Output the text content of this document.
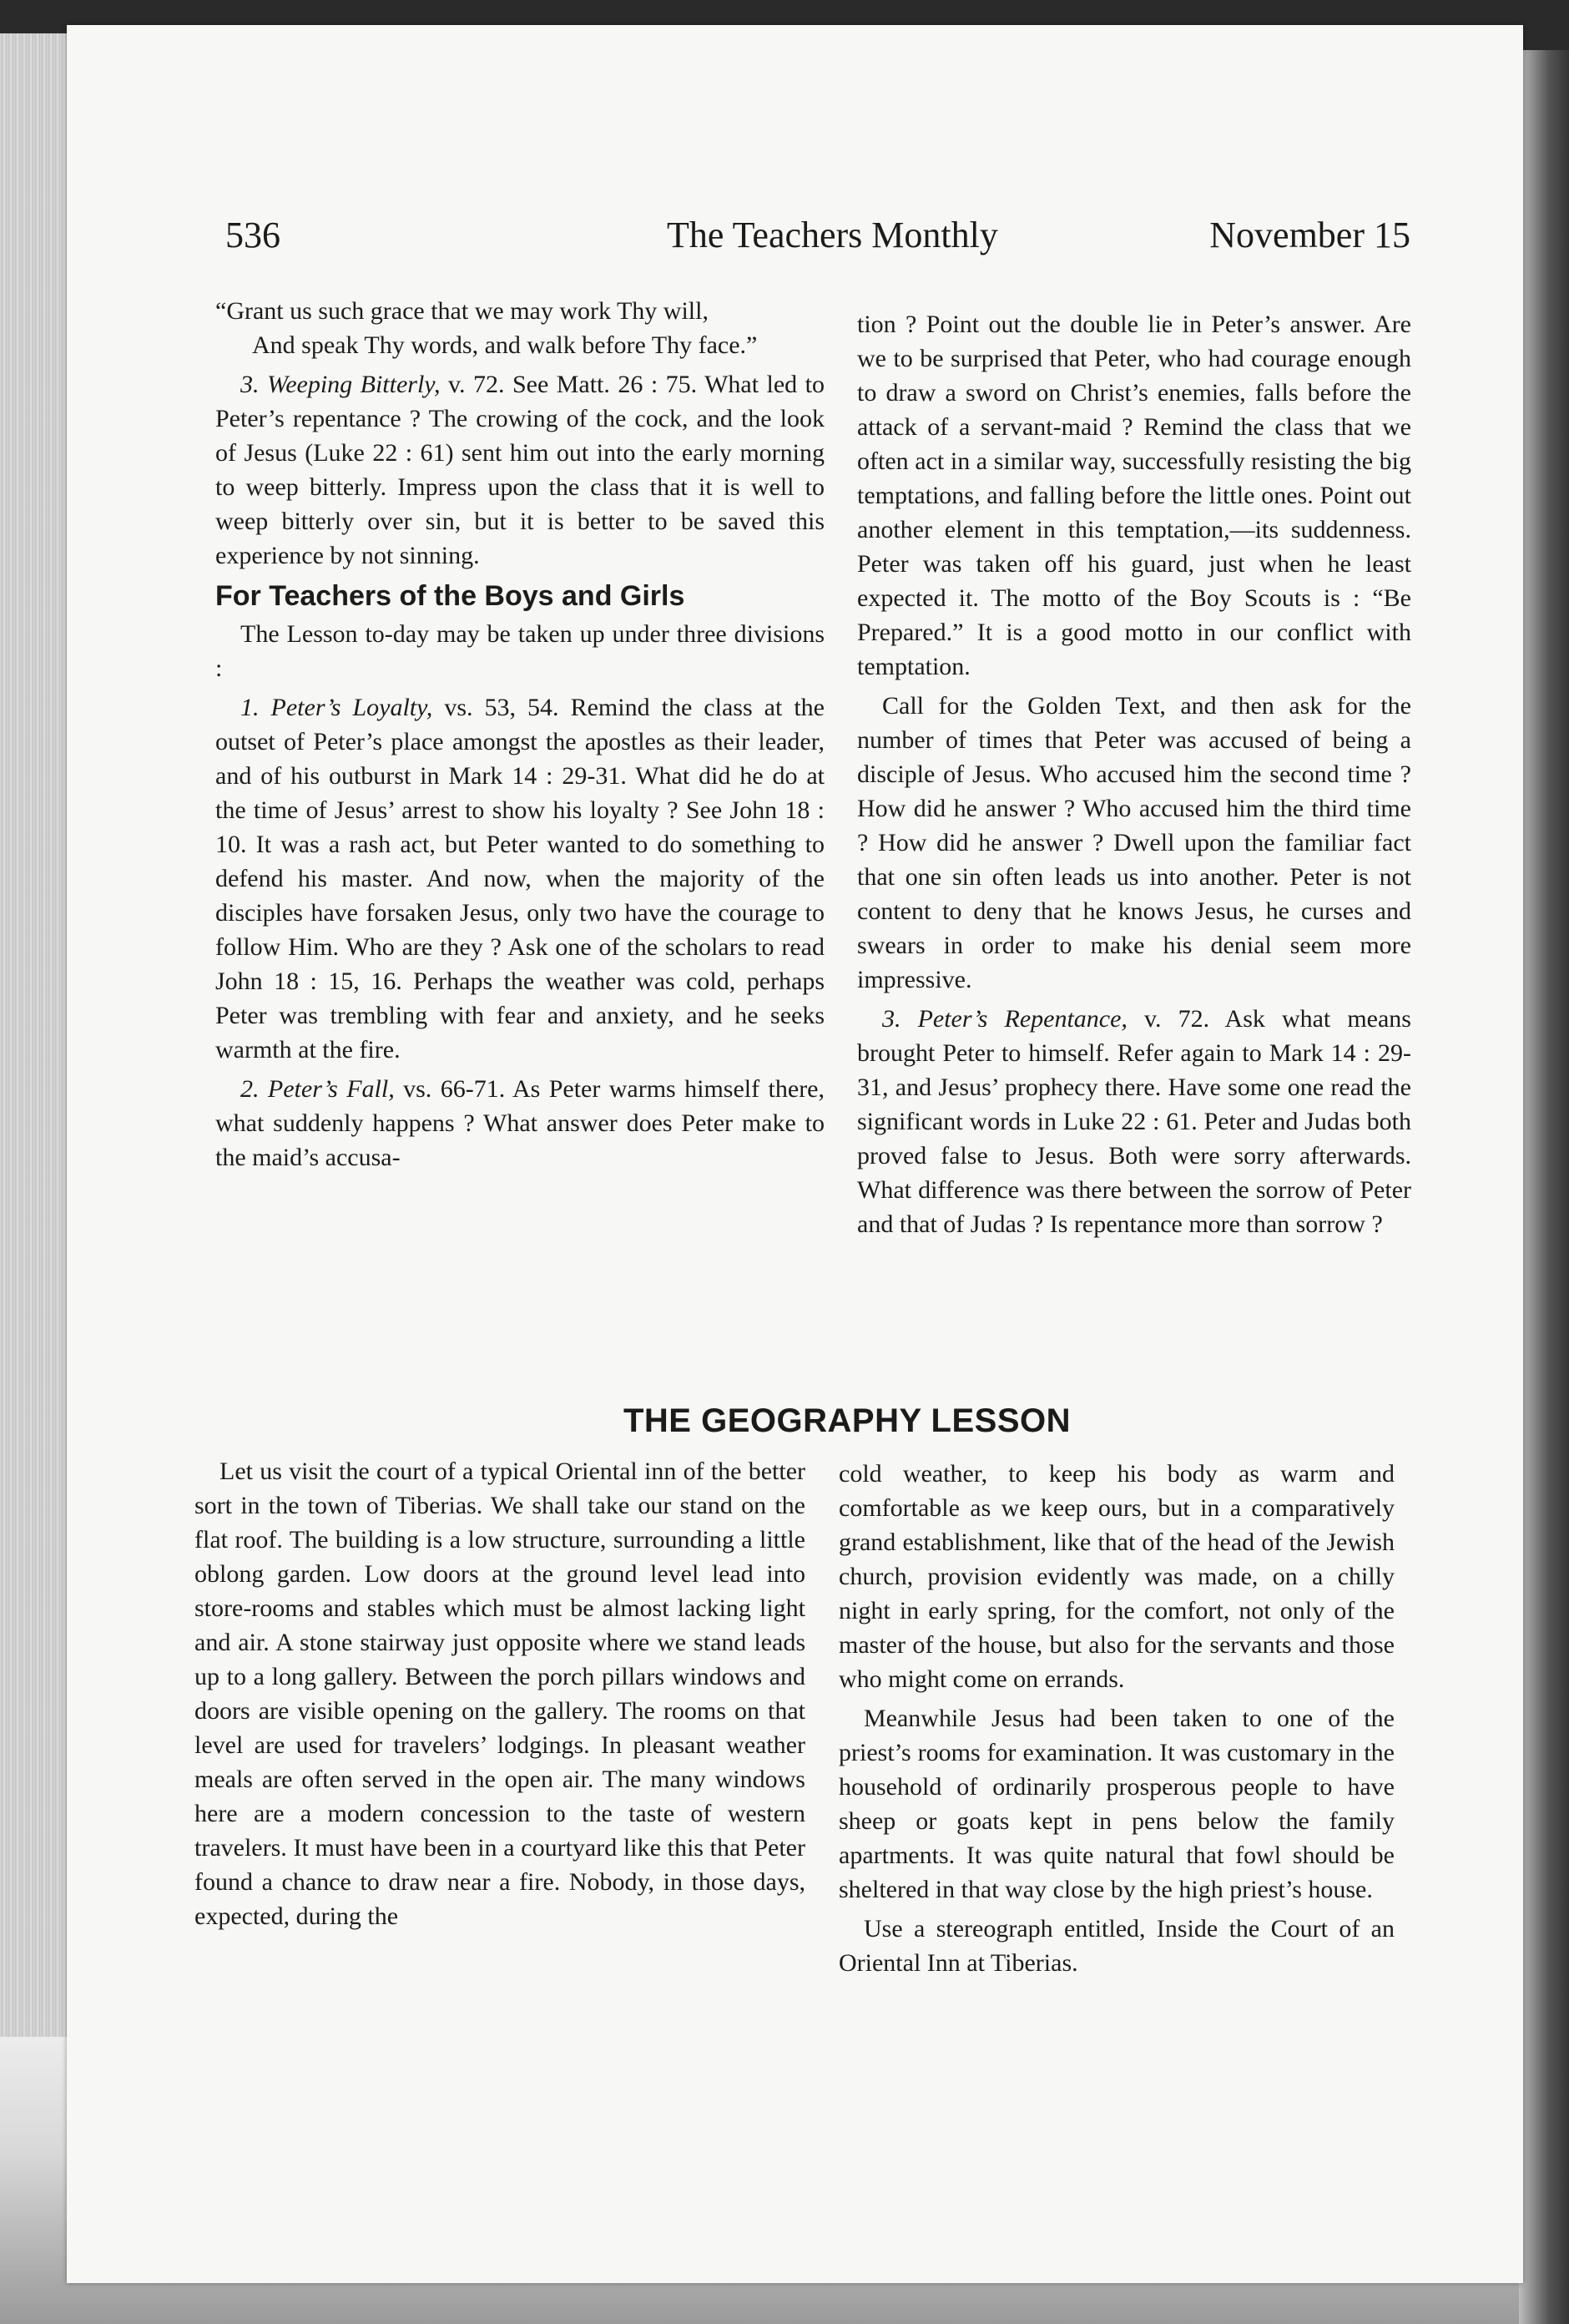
536	The Teachers Monthly	November 15

“Grant us such grace that we may work Thy will,

And speak Thy words, and walk before Thy face.”

3. Weeping Bitterly, v. 72. See Matt. 26 : 75. What led to Peter’s repentance ? The crowing of the cock, and the look of Jesus (Luke 22 : 61) sent him out into the early morning to weep bitterly. Impress upon the class that it is well to weep bitterly over sin, but it is better to be saved this experience by not sinning.

For Teachers of the Boys and Girls

The Lesson to-day may be taken up under three divisions :

1. Peter’s Loyalty, vs. 53, 54. Remind the class at the outset of Peter’s place amongst the apostles as their leader, and of his outburst in Mark 14 : 29-31. What did he do at the time of Jesus’ arrest to show his loyalty ? See John 18 : 10. It was a rash act, but Peter wanted to do something to defend his master. And now, when the majority of the disciples have forsaken Jesus, only two have the courage to follow Him. Who are they ? Ask one of the scholars to read John 18 : 15, 16. Perhaps the weather was cold, perhaps Peter was trembling with fear and anxiety, and he seeks warmth at the fire.

2. Peter’s Fall, vs. 66-71. As Peter warms himself there, what suddenly happens ? What answer does Peter make to the maid’s accusa-

tion ? Point out the double lie in Peter’s answer. Are we to be surprised that Peter, who had courage enough to draw a sword on Christ’s enemies, falls before the attack of a servant-maid ? Remind the class that we often act in a similar way, successfully resisting the big temptations, and falling before the little ones. Point out another element in this temptation,—its suddenness. Peter was taken off his guard, just when he least expected it. The motto of the Boy Scouts is : “Be Prepared.” It is a good motto in our conflict with temptation.

Call for the Golden Text, and then ask for the number of times that Peter was accused of being a disciple of Jesus. Who accused him the second time ? How did he answer ? Who accused him the third time ? How did he answer ? Dwell upon the familiar fact that one sin often leads us into another. Peter is not content to deny that he knows Jesus, he curses and swears in order to make his denial seem more impressive.

3. Peter’s Repentance, v. 72. Ask what means brought Peter to himself. Refer again to Mark 14 : 29-31, and Jesus’ prophecy there. Have some one read the significant words in Luke 22 : 61. Peter and Judas both proved false to Jesus. Both were sorry afterwards. What difference was there between the sorrow of Peter and that of Judas ? Is repentance more than sorrow ?

THE GEOGRAPHY LESSON

Let us visit the court of a typical Oriental inn of the better sort in the town of Tiberias. We shall take our stand on the flat roof. The building is a low structure, surrounding a little oblong garden. Low doors at the ground level lead into store-rooms and stables which must be almost lacking light and air. A stone stairway just opposite where we stand leads up to a long gallery. Between the porch pillars windows and doors are visible opening on the gallery. The rooms on that level are used for travelers’ lodgings. In pleasant weather meals are often served in the open air. The many windows here are a modern concession to the taste of western travelers. It must have been in a courtyard like this that Peter found a chance to draw near a fire. Nobody, in those days, expected, during the

cold weather, to keep his body as warm and comfortable as we keep ours, but in a comparatively grand establishment, like that of the head of the Jewish church, provision evidently was made, on a chilly night in early spring, for the comfort, not only of the master of the house, but also for the servants and those who might come on errands.

Meanwhile Jesus had been taken to one of the priest’s rooms for examination. It was customary in the household of ordinarily prosperous people to have sheep or goats kept in pens below the family apartments. It was quite natural that fowl should be sheltered in that way close by the high priest’s house.

Use a stereograph entitled, Inside the Court of an Oriental Inn at Tiberias.
